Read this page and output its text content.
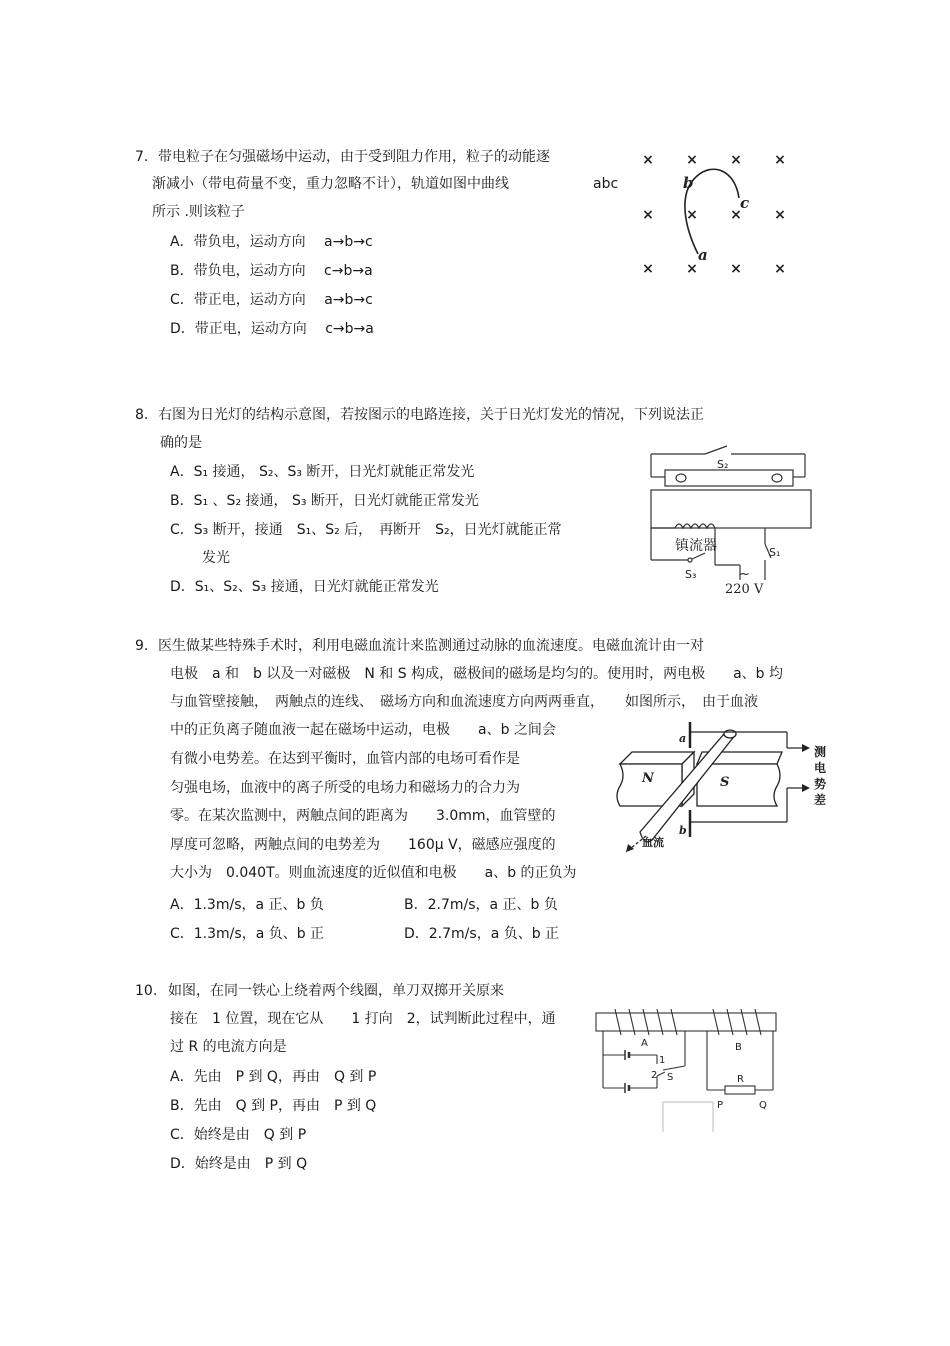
7. 带电粒子在匀强磁场中运动，由于受到阻力作用，粒子的动能逐
渐减小（带电荷量不变，重力忽略不计），轨道如图中曲线	abc
所示 .则该粒子
A．带负电，运动方向　 a→b→c
B．带负电，运动方向　 c→b→a
C．带正电，运动方向　 a→b→c
D．带正电，运动方向　 c→b→a
× × × ×
× × × ×
× × × ×
a
b
c
8. 右图为日光灯的结构示意图，若按图示的电路连接，关于日光灯发光的情况，下列说法正
确的是
A．S₁ 接通， S₂、S₃ 断开，日光灯就能正常发光
B．S₁ 、S₂ 接通， S₃ 断开，日光灯就能正常发光
C．S₃ 断开，接通　S₁、S₂ 后，　再断开　S₂，日光灯就能正常
发光
D．S₁、S₂、S₃ 接通，日光灯就能正常发光
S₂
镇流器
S₃
S₁
~
220 V
9. 医生做某些特殊手术时，利用电磁血流计来监测通过动脉的血流速度。电磁血流计由一对
电极　a 和　b 以及一对磁极　N 和 S 构成，磁极间的磁场是均匀的。使用时，两电极　　a、b 均
与血管壁接触，　两触点的连线、　磁场方向和血流速度方向两两垂直，　　如图所示，　由于血液
中的正负离子随血液一起在磁场中运动，电极　　a、b 之间会
有微小电势差。在达到平衡时，血管内部的电场可看作是
匀强电场，血液中的离子所受的电场力和磁场力的合力为
零。在某次监测中，两触点间的距离为　　3.0mm，血管壁的
厚度可忽略，两触点间的电势差为　　160μ V，磁感应强度的
大小为　0.040T。则血流速度的近似值和电极　　a、b 的正负为
A．1.3m/s，a 正、b 负	B．2.7m/s，a 正、b 负
C．1.3m/s，a 负、b 正	D．2.7m/s，a 负、b 正
N	S
a
b
测
电
势
差
血流
10. 如图，在同一铁心上绕着两个线圈，单刀双掷开关原来
接在　1 位置，现在它从　　1 打向　2，试判断此过程中，通
过 R 的电流方向是
A．先由　P 到 Q，再由　Q 到 P
B．先由　Q 到 P，再由　P 到 Q
C．始终是由　Q 到 P
D．始终是由　P 到 Q
A	B
R
P	Q
S
1
2
